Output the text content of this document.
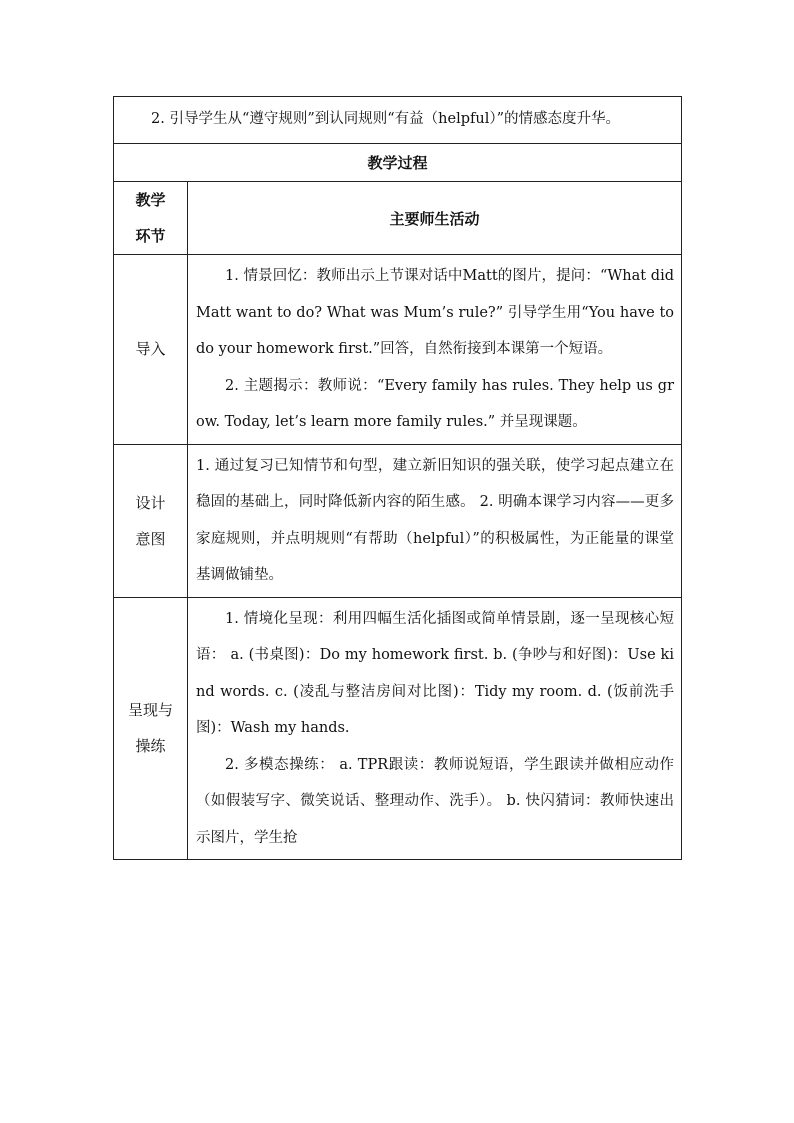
2. 引导学生从“遵守规则”到认同规则“有益（helpful）”的情感态度升华。	
教学过程	

教学环节	主要师生活动

导入	1. 情景回忆：教师出示上节课对话中Matt的图片，提问：“What did Matt want to do? What was Mum’s rule?” 引导学生用“You have to do your homework first.”回答，自然衔接到本课第一个短语。

2. 主题揭示：教师说：“Every family has rules. They help us grow. Today, let’s learn more family rules.” 并呈现课题。

设计意图	1. 通过复习已知情节和句型，建立新旧知识的强关联，使学习起点建立在稳固的基础上，同时降低新内容的陌生感。 2. 明确本课学习内容——更多家庭规则，并点明规则“有帮助（helpful）”的积极属性，为正能量的课堂基调做铺垫。

呈现与操练	1. 情境化呈现：利用四幅生活化插图或简单情景剧，逐一呈现核心短语： a. (书桌图)：Do my homework first. b. (争吵与和好图)：Use kind words. c. (凌乱与整洁房间对比图)：Tidy my room. d. (饭前洗手图)：Wash my hands.

2. 多模态操练： a. TPR跟读：教师说短语，学生跟读并做相应动作（如假装写字、微笑说话、整理动作、洗手）。 b. 快闪猜词：教师快速出示图片，学生抢
